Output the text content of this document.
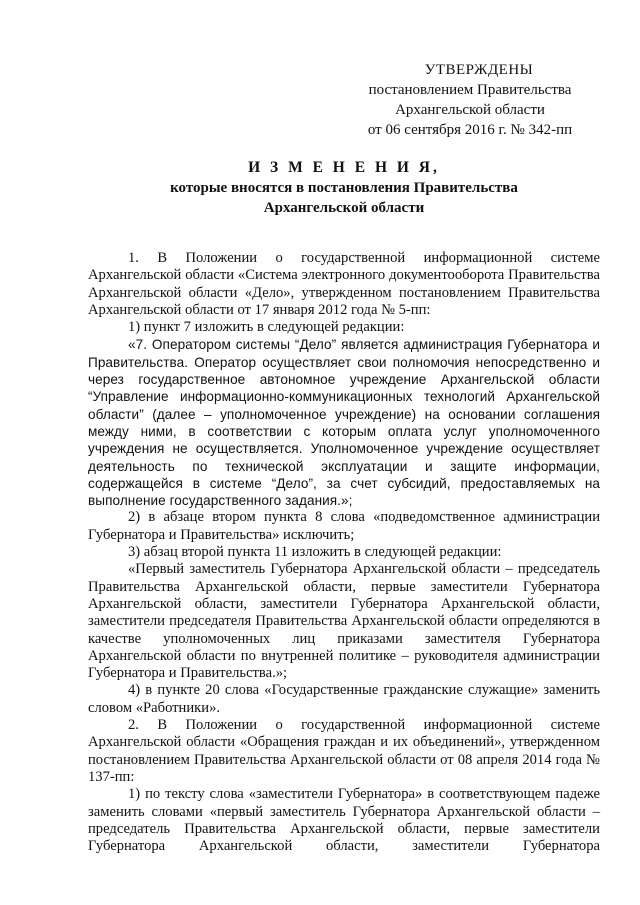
УТВЕРЖДЕНЫ
постановлением Правительства
Архангельской области
от 06 сентября 2016 г. № 342-пп
И З М Е Н Е Н И Я,
которые вносятся в постановления Правительства
Архангельской области

1. В Положении о государственной информационной системе Архангельской области «Система электронного документооборота Правительства Архангельской области «Дело», утвержденном постановлением Правительства Архангельской области от 17 января 2012 года № 5-пп:

1) пункт 7 изложить в следующей редакции:

«7. Оператором системы “Дело” является администрация Губернатора и Правительства. Оператор осуществляет свои полномочия непосредственно и через государственное автономное учреждение Архангельской области “Управление информационно-коммуникационных технологий Архангельской области” (далее – уполномоченное учреждение) на основании соглашения между ними, в соответствии с которым оплата услуг уполномоченного учреждения не осуществляется. Уполномоченное учреждение осуществляет деятельность по технической эксплуатации и защите информации, содержащейся в системе “Дело”, за счет субсидий, предоставляемых на выполнение государственного задания.»;

2) в абзаце втором пункта 8 слова «подведомственное администрации Губернатора и Правительства» исключить;

3) абзац второй пункта 11 изложить в следующей редакции:

«Первый заместитель Губернатора Архангельской области – председатель Правительства Архангельской области, первые заместители Губернатора Архангельской области, заместители Губернатора Архангельской области, заместители председателя Правительства Архангельской области определяются в качестве уполномоченных лиц приказами заместителя Губернатора Архангельской области по внутренней политике – руководителя администрации Губернатора и Правительства.»;

4) в пункте 20 слова «Государственные гражданские служащие» заменить словом «Работники».

2. В Положении о государственной информационной системе Архангельской области «Обращения граждан и их объединений», утвержденном постановлением Правительства Архангельской области от 08 апреля 2014 года № 137-пп:

1) по тексту слова «заместители Губернатора» в соответствующем падеже заменить словами «первый заместитель Губернатора Архангельской области – председатель Правительства Архангельской области, первые заместители Губернатора Архангельской области, заместители Губернатора
